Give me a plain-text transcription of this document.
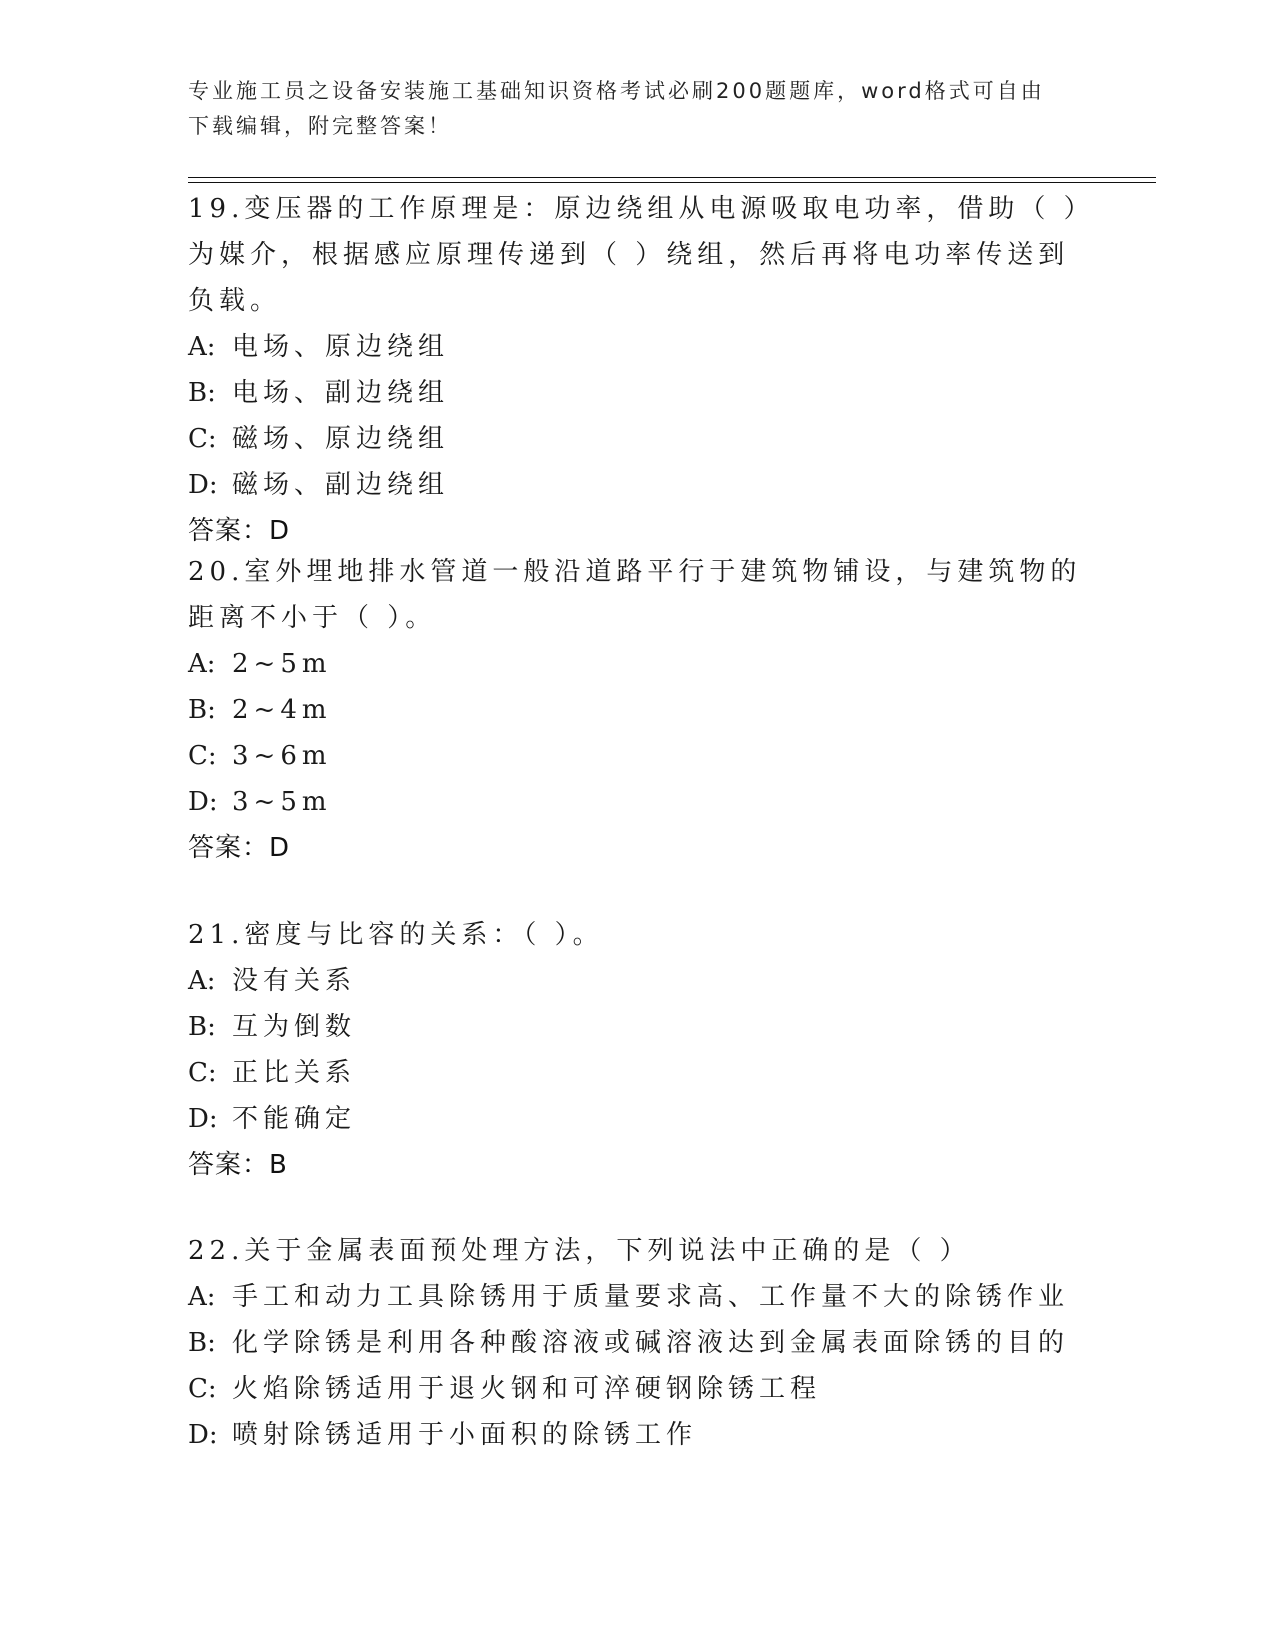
专业施工员之设备安装施工基础知识资格考试必刷200题题库，word格式可自由
下载编辑，附完整答案！

19.变压器的工作原理是：原边绕组从电源吸取电功率，借助（ ）为媒介，根据感应原理传递到（ ）绕组，然后再将电功率传送到负载。

A: 电场、原边绕组
B: 电场、副边绕组
C: 磁场、原边绕组
D: 磁场、副边绕组
答案：D

20.室外埋地排水管道一般沿道路平行于建筑物铺设，与建筑物的距离不小于（ ）。

A: 2~5m
B: 2~4m
C: 3~6m
D: 3~5m
答案：D

21.密度与比容的关系：（ ）。

A: 没有关系
B: 互为倒数
C: 正比关系
D: 不能确定
答案：B

22.关于金属表面预处理方法，下列说法中正确的是（ ）

A: 手工和动力工具除锈用于质量要求高、工作量不大的除锈作业
B: 化学除锈是利用各种酸溶液或碱溶液达到金属表面除锈的目的
C: 火焰除锈适用于退火钢和可淬硬钢除锈工程
D: 喷射除锈适用于小面积的除锈工作
